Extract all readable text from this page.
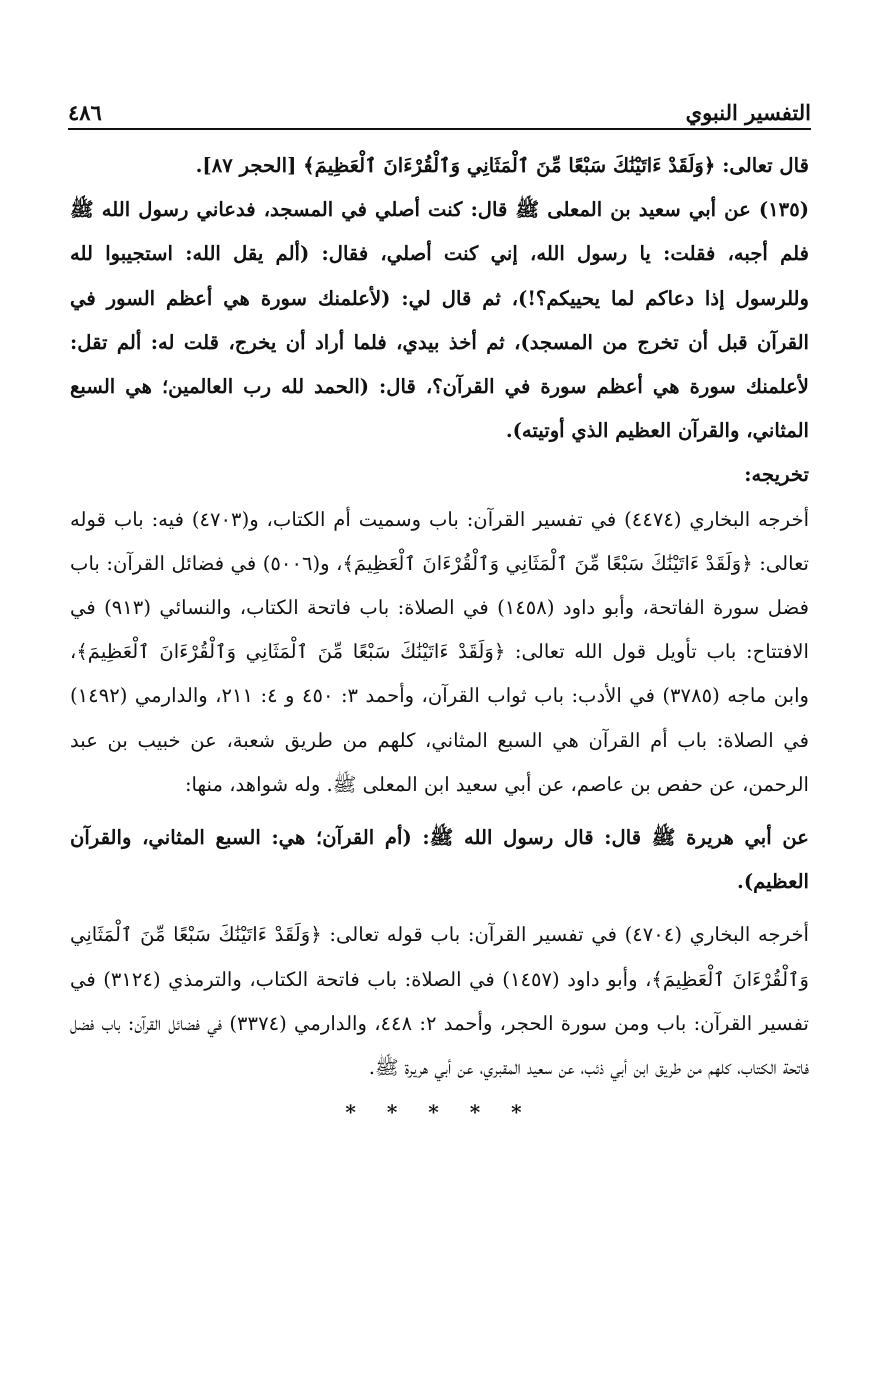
التفسير النبوي
٤٨٦

قال تعالى: ﴿وَلَقَدْ ءَاتَيْنَٰكَ سَبْعًا مِّنَ ٱلْمَثَانِي وَٱلْقُرْءَانَ ٱلْعَظِيمَ﴾ [الحجر ٨٧].

(١٣٥) عن أبي سعيد بن المعلى ﷺ قال: كنت أصلي في المسجد، فدعاني رسول الله ﷺ فلم أجبه، فقلت: يا رسول الله، إني كنت أصلي، فقال: (ألم يقل الله: استجيبوا لله وللرسول إذا دعاكم لما يحييكم؟!)، ثم قال لي: (لأعلمنك سورة هي أعظم السور في القرآن قبل أن تخرج من المسجد)، ثم أخذ بيدي، فلما أراد أن يخرج، قلت له: ألم تقل: لأعلمنك سورة هي أعظم سورة في القرآن؟، قال: (الحمد لله رب العالمين؛ هي السبع المثاني، والقرآن العظيم الذي أوتيته).

تخريجه:

أخرجه البخاري (٤٤٧٤) في تفسير القرآن: باب وسميت أم الكتاب، و(٤٧٠٣) فيه: باب قوله تعالى: ﴿وَلَقَدْ ءَاتَيْنَٰكَ سَبْعًا مِّنَ ٱلْمَثَانِي وَٱلْقُرْءَانَ ٱلْعَظِيمَ﴾، و(٥٠٠٦) في فضائل القرآن: باب فضل سورة الفاتحة، وأبو داود (١٤٥٨) في الصلاة: باب فاتحة الكتاب، والنسائي (٩١٣) في الافتتاح: باب تأويل قول الله تعالى: ﴿وَلَقَدْ ءَاتَيْنَٰكَ سَبْعًا مِّنَ ٱلْمَثَانِي وَٱلْقُرْءَانَ ٱلْعَظِيمَ﴾، وابن ماجه (٣٧٨٥) في الأدب: باب ثواب القرآن، وأحمد ٣: ٤٥٠ و ٤: ٢١١، والدارمي (١٤٩٢) في الصلاة: باب أم القرآن هي السبع المثاني، كلهم من طريق شعبة، عن خبيب بن عبد الرحمن، عن حفص بن عاصم، عن أبي سعيد ابن المعلى ﷺ. وله شواهد، منها:

عن أبي هريرة ﷺ قال: قال رسول الله ﷺ: (أم القرآن؛ هي: السبع المثاني، والقرآن العظيم).

أخرجه البخاري (٤٧٠٤) في تفسير القرآن: باب قوله تعالى: ﴿وَلَقَدْ ءَاتَيْنَٰكَ سَبْعًا مِّنَ ٱلْمَثَانِي وَٱلْقُرْءَانَ ٱلْعَظِيمَ﴾، وأبو داود (١٤٥٧) في الصلاة: باب فاتحة الكتاب، والترمذي (٣١٢٤) في تفسير القرآن: باب ومن سورة الحجر، وأحمد ٢: ٤٤٨، والدارمي (٣٣٧٤) في فضائل القرآن: باب فضل فاتحة الكتاب، كلهم من طريق ابن أبي ذئب، عن سعيد المقبري، عن أبي هريرة ﷺ.

* * * * *
